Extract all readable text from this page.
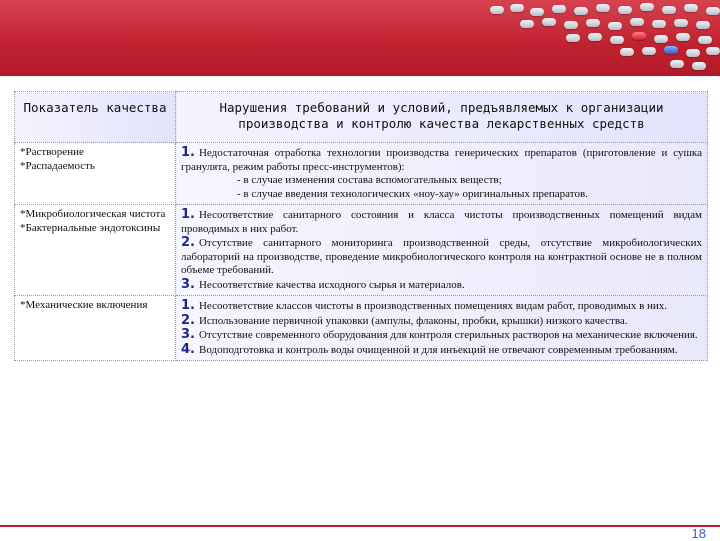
Показатель качества	Нарушения требований и условий, предъявляемых к организации производства и контролю качества лекарственных средств

*Растворение
*Распадаемость	1. Недостаточная отработка технологии производства генерических препаратов (приготовление и сушка гранулята, режим работы пресс-инструментов):
- в случае изменения состава вспомогательных веществ;
- в случае введения технологических «ноу-хау» оригинальных препаратов.

*Микробиологическая чистота
*Бактериальные эндотоксины	1. Несоответствие санитарного состояния и класса чистоты производственных помещений видам проводимых в них работ.
2. Отсутствие санитарного мониторинга производственной среды, отсутствие микробиологических лабораторий на производстве, проведение микробиологического контроля на контрактной основе не в полном объеме требований.
3. Несоответствие качества исходного сырья и материалов.

*Механические включения	1. Несоответствие классов чистоты в производственных помещениях видам работ, проводимых в них.
2. Использование первичной упаковки (ампулы, флаконы, пробки, крышки) низкого качества.
3. Отсутствие современного оборудования для контроля стерильных растворов на механические включения.
4. Водоподготовка и контроль воды очищенной и для инъекций не отвечают современным требованиям.
18
